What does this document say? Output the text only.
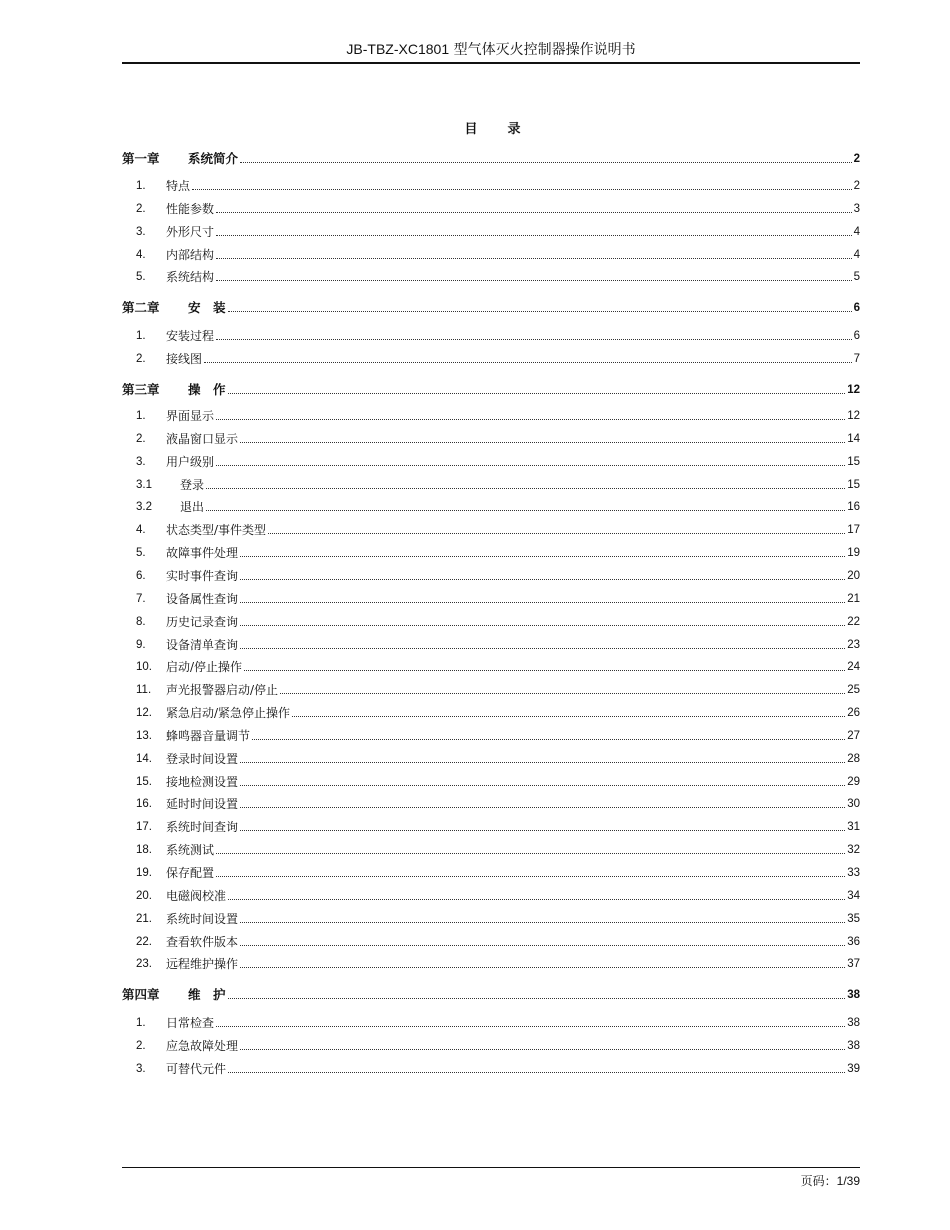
JB-TBZ-XC1801 型气体灭火控制器操作说明书
目 录
第一章	系统简介	2
1.	特点	2
2.	性能参数	3
3.	外形尺寸	4
4.	内部结构	4
5.	系统结构	5
第二章	安　装	6
1.	安装过程	6
2.	接线图	7
第三章	操　作	12
1.	界面显示	12
2.	液晶窗口显示	14
3.	用户级别	15
3.1	登录	15
3.2	退出	16
4.	状态类型/事件类型	17
5.	故障事件处理	19
6.	实时事件查询	20
7.	设备属性查询	21
8.	历史记录查询	22
9.	设备清单查询	23
10.	启动/停止操作	24
11.	声光报警器启动/停止	25
12.	紧急启动/紧急停止操作	26
13.	蜂鸣器音量调节	27
14.	登录时间设置	28
15.	接地检测设置	29
16.	延时时间设置	30
17.	系统时间查询	31
18.	系统测试	32
19.	保存配置	33
20.	电磁阀校准	34
21.	系统时间设置	35
22.	查看软件版本	36
23.	远程维护操作	37
第四章	维　护	38
1.	日常检查	38
2.	应急故障处理	38
3.	可替代元件	39
页码：1/39
